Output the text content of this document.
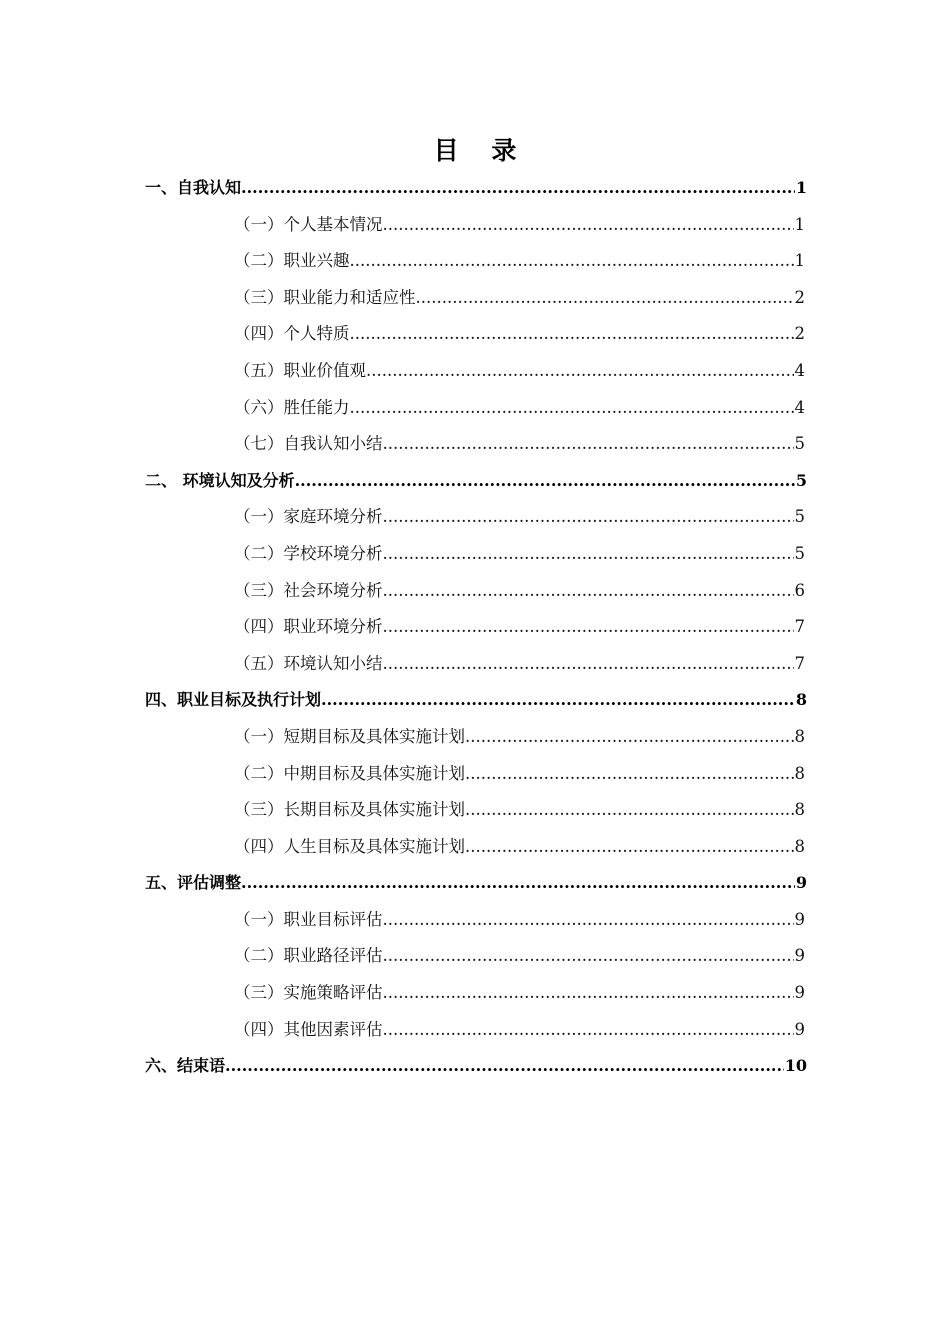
目 录
一、自我认知 .....	1
（一）个人基本情况 .....	1
（二）职业兴趣 .....	1
（三）职业能力和适应性 .....	2
（四）个人特质 .....	2
（五）职业价值观 .....	4
（六）胜任能力 .....	4
（七）自我认知小结 .....	5
二、 环境认知及分析 .....	5
（一）家庭环境分析 .....	5
（二）学校环境分析 .....	5
（三）社会环境分析 .....	6
（四）职业环境分析 .....	7
（五）环境认知小结 .....	7
四、职业目标及执行计划 .....	8
（一）短期目标及具体实施计划 .....	8
（二）中期目标及具体实施计划 .....	8
（三）长期目标及具体实施计划 .....	8
（四）人生目标及具体实施计划 .....	8
五、评估调整 .....	9
（一）职业目标评估 .....	9
（二）职业路径评估 .....	9
（三）实施策略评估 .....	9
（四）其他因素评估 .....	9
六、结束语 .....	10
